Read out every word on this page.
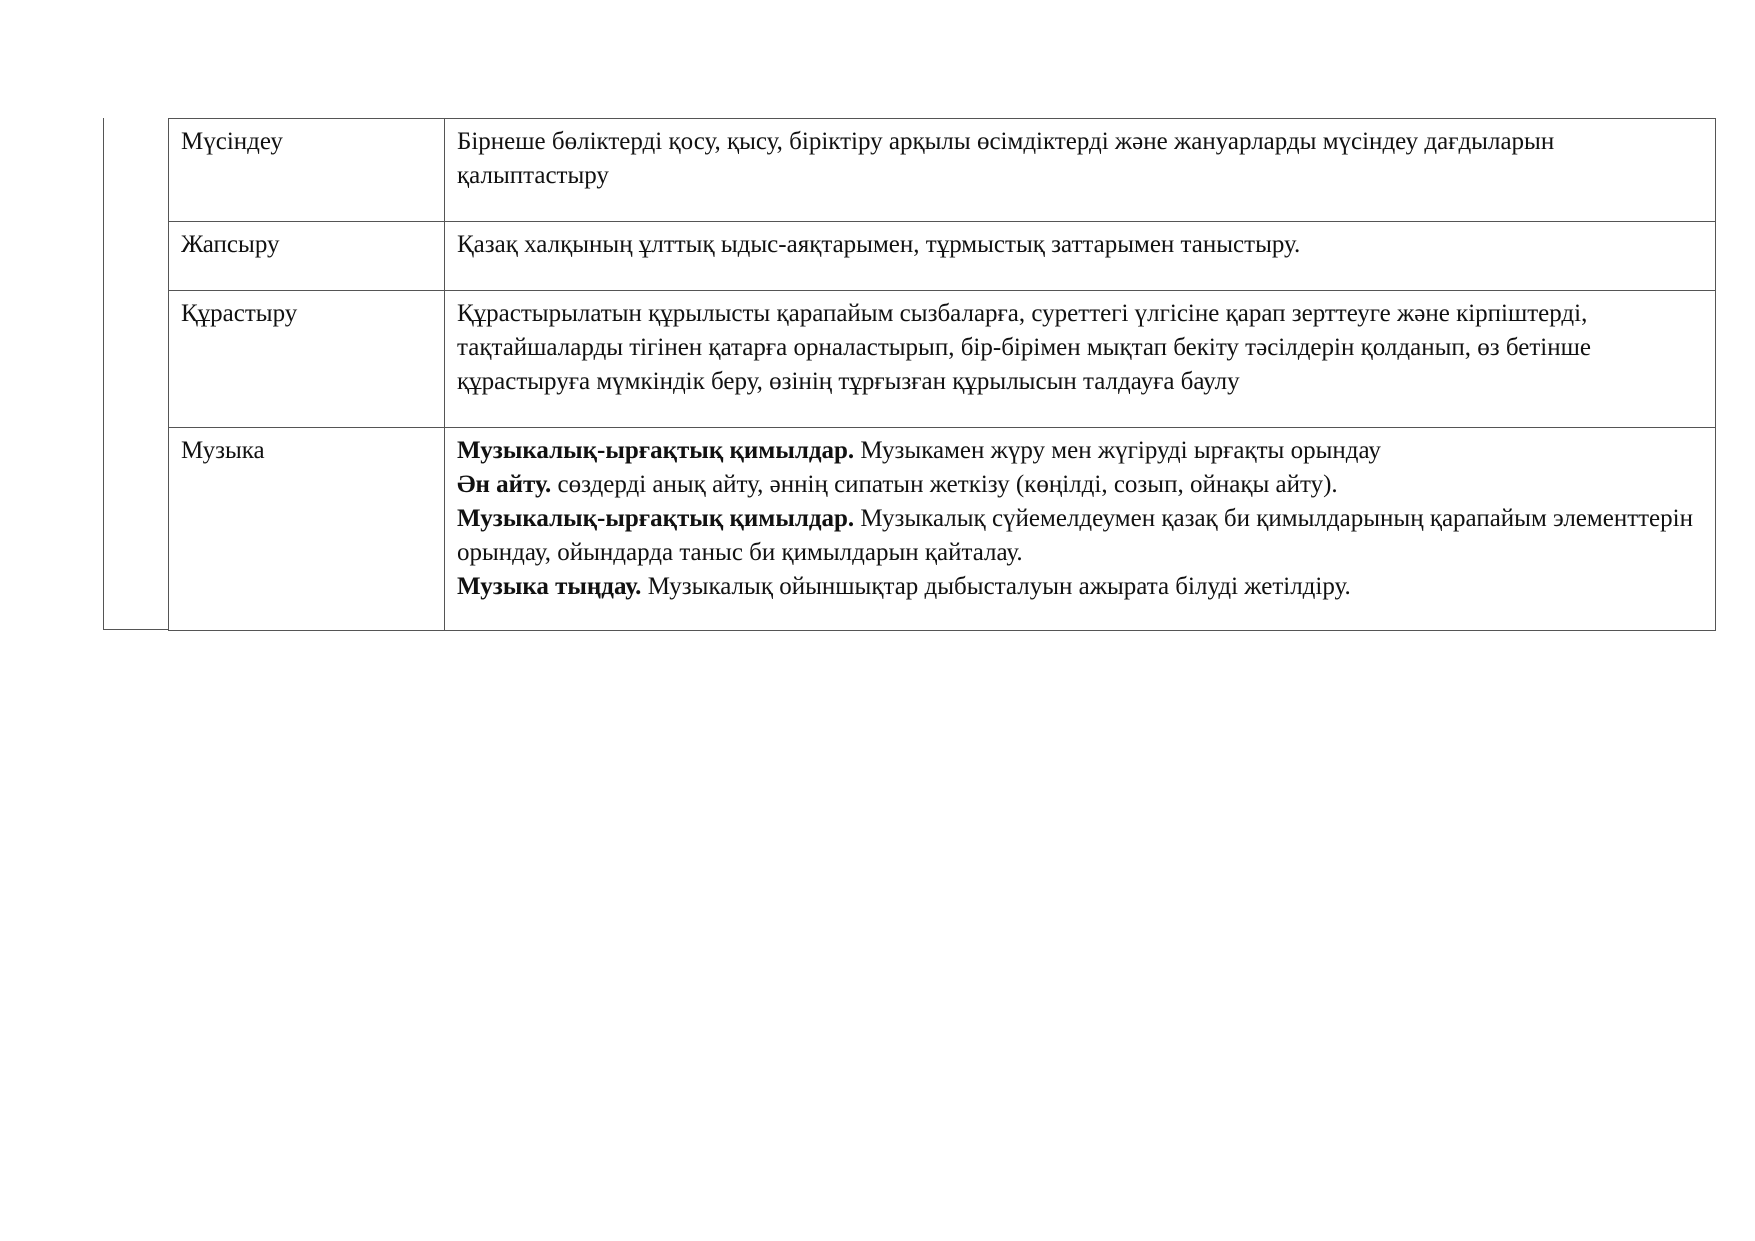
Мүсіндеу	Бірнеше бөліктерді қосу, қысу, біріктіру арқылы өсімдіктерді және жануарларды мүсіндеу дағдыларын қалыптастыру
Жапсыру	Қазақ халқының ұлттық ыдыс-аяқтарымен, тұрмыстық заттарымен таныстыру.
Құрастыру	Құрастырылатын құрылысты қарапайым сызбаларға, суреттегі үлгісіне қарап зерттеуге және кірпіштерді, тақтайшаларды тігінен қатарға орналастырып, бір-бірімен мықтап бекіту тәсілдерін қолданып, өз бетінше құрастыруға мүмкіндік беру, өзінің тұрғызған құрылысын талдауға баулу
Музыка	Музыкалық-ырғақтық қимылдар. Музыкамен жүру мен жүгіруді ырғақты орындау
Ән айту. сөздерді анық айту, әннің сипатын жеткізу (көңілді, созып, ойнақы айту).
Музыкалық-ырғақтық қимылдар. Музыкалық сүйемелдеумен қазақ би қимылдарының қарапайым элементтерін орындау, ойындарда таныс би қимылдарын қайталау.
Музыка тыңдау. Музыкалық ойыншықтар дыбысталуын ажырата білуді жетілдіру.
